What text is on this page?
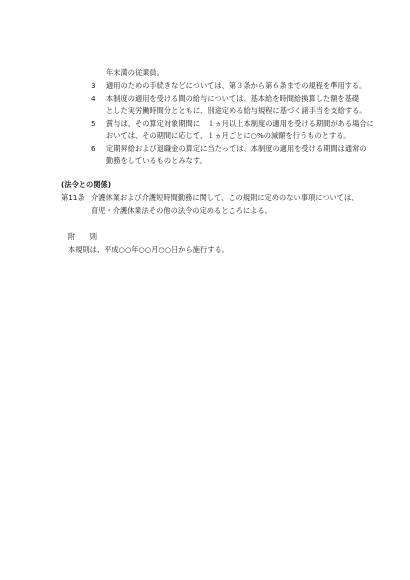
年末満の従業員。
3 適用のための手続きなどについては、第３条から第６条までの規程を準用する。
4 本制度の適用を受ける間の給与については、基本給を時間給換算した額を基礎
とした実労働時間分とともに、別途定める給与規程に基づく諸手当を支給する。
5 賞与は、その算定対象期間に　１ヵ月以上本制度の適用を受ける期間がある場合に
おいては、その期間に応じて、１ヵ月ごとに○%の減額を行うものとする。
6 定期昇給および退職金の算定に当たっては、本制度の適用を受ける期間は通常の
勤務をしているものとみなす。
(法令との関係)
第11条 介護休業および介護短時間勤務に関して、この規則に定めのない事項については、
育児・介護休業法その他の法令の定めるところによる。
附　　則
本規則は、平成○○年○○月○○日から施行する。
